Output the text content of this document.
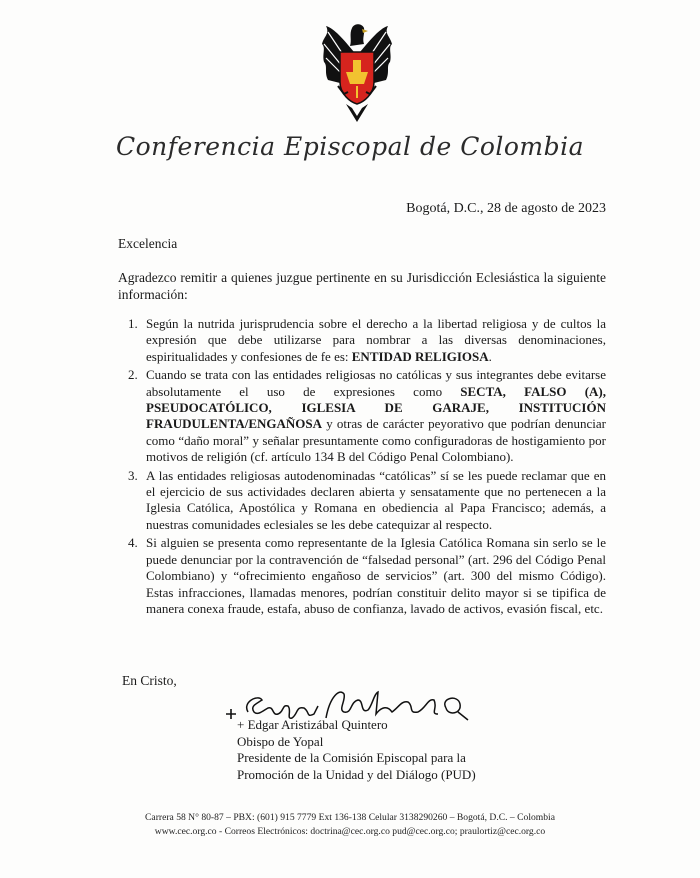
Conferencia Episcopal de Colombia
Bogotá, D.C., 28 de agosto de 2023
Excelencia
Agradezco remitir a quienes juzgue pertinente en su Jurisdicción Eclesiástica la siguiente información:
1. Según la nutrida jurisprudencia sobre el derecho a la libertad religiosa y de cultos la expresión que debe utilizarse para nombrar a las diversas denominaciones, espiritualidades y confesiones de fe es: ENTIDAD RELIGIOSA.
2. Cuando se trata con las entidades religiosas no católicas y sus integrantes debe evitarse absolutamente el uso de expresiones como SECTA, FALSO (A), PSEUDOCATÓLICO, IGLESIA DE GARAJE, INSTITUCIÓN FRAUDULENTA/ENGAÑOSA y otras de carácter peyorativo que podrían denunciar como “daño moral” y señalar presuntamente como configuradoras de hostigamiento por motivos de religión (cf. artículo 134 B del Código Penal Colombiano).
3. A las entidades religiosas autodenominadas “católicas” sí se les puede reclamar que en el ejercicio de sus actividades declaren abierta y sensatamente que no pertenecen a la Iglesia Católica, Apostólica y Romana en obediencia al Papa Francisco; además, a nuestras comunidades eclesiales se les debe catequizar al respecto.
4. Si alguien se presenta como representante de la Iglesia Católica Romana sin serlo se le puede denunciar por la contravención de “falsedad personal” (art. 296 del Código Penal Colombiano) y “ofrecimiento engañoso de servicios” (art. 300 del mismo Código). Estas infracciones, llamadas menores, podrían constituir delito mayor si se tipifica de manera conexa fraude, estafa, abuso de confianza, lavado de activos, evasión fiscal, etc.
En Cristo,
+ Edgar Aristizábal Quintero
Obispo de Yopal
Presidente de la Comisión Episcopal para la
Promoción de la Unidad y del Diálogo (PUD)
Carrera 58 N° 80-87 – PBX: (601) 915 7779 Ext 136-138 Celular 3138290260 – Bogotá, D.C. – Colombia
www.cec.org.co - Correos Electrónicos: doctrina@cec.org.co pud@cec.org.co; praulortiz@cec.org.co
